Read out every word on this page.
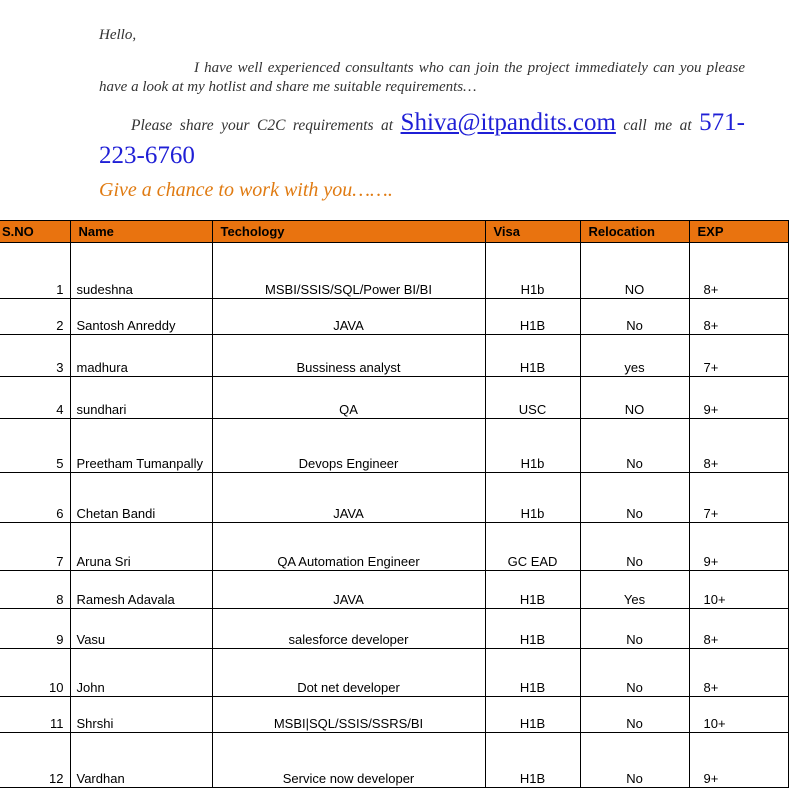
Hello,
I have well experienced consultants who can join the project immediately can you please have a look at my hotlist and share me suitable requirements…
Please share your C2C requirements at Shiva@itpandits.com call me at 571-223-6760
Give a chance to work with you…….
S.NO	Name	Techology	Visa	Relocation	EXP
1	sudeshna	MSBI/SSIS/SQL/Power BI/BI	H1b	NO	8+
2	Santosh Anreddy	JAVA	H1B	No	8+
3	madhura	Bussiness analyst	H1B	yes	7+
4	sundhari	QA	USC	NO	9+
5	Preetham Tumanpally	Devops Engineer	H1b	No	8+
6	Chetan Bandi	JAVA	H1b	No	7+
7	Aruna Sri	QA Automation Engineer	GC EAD	No	9+
8	Ramesh Adavala	JAVA	H1B	Yes	10+
9	Vasu	salesforce developer	H1B	No	8+
10	John	Dot net developer	H1B	No	8+
11	Shrshi	MSBI|SQL/SSIS/SSRS/BI	H1B	No	10+
12	Vardhan	Service now developer	H1B	No	9+
